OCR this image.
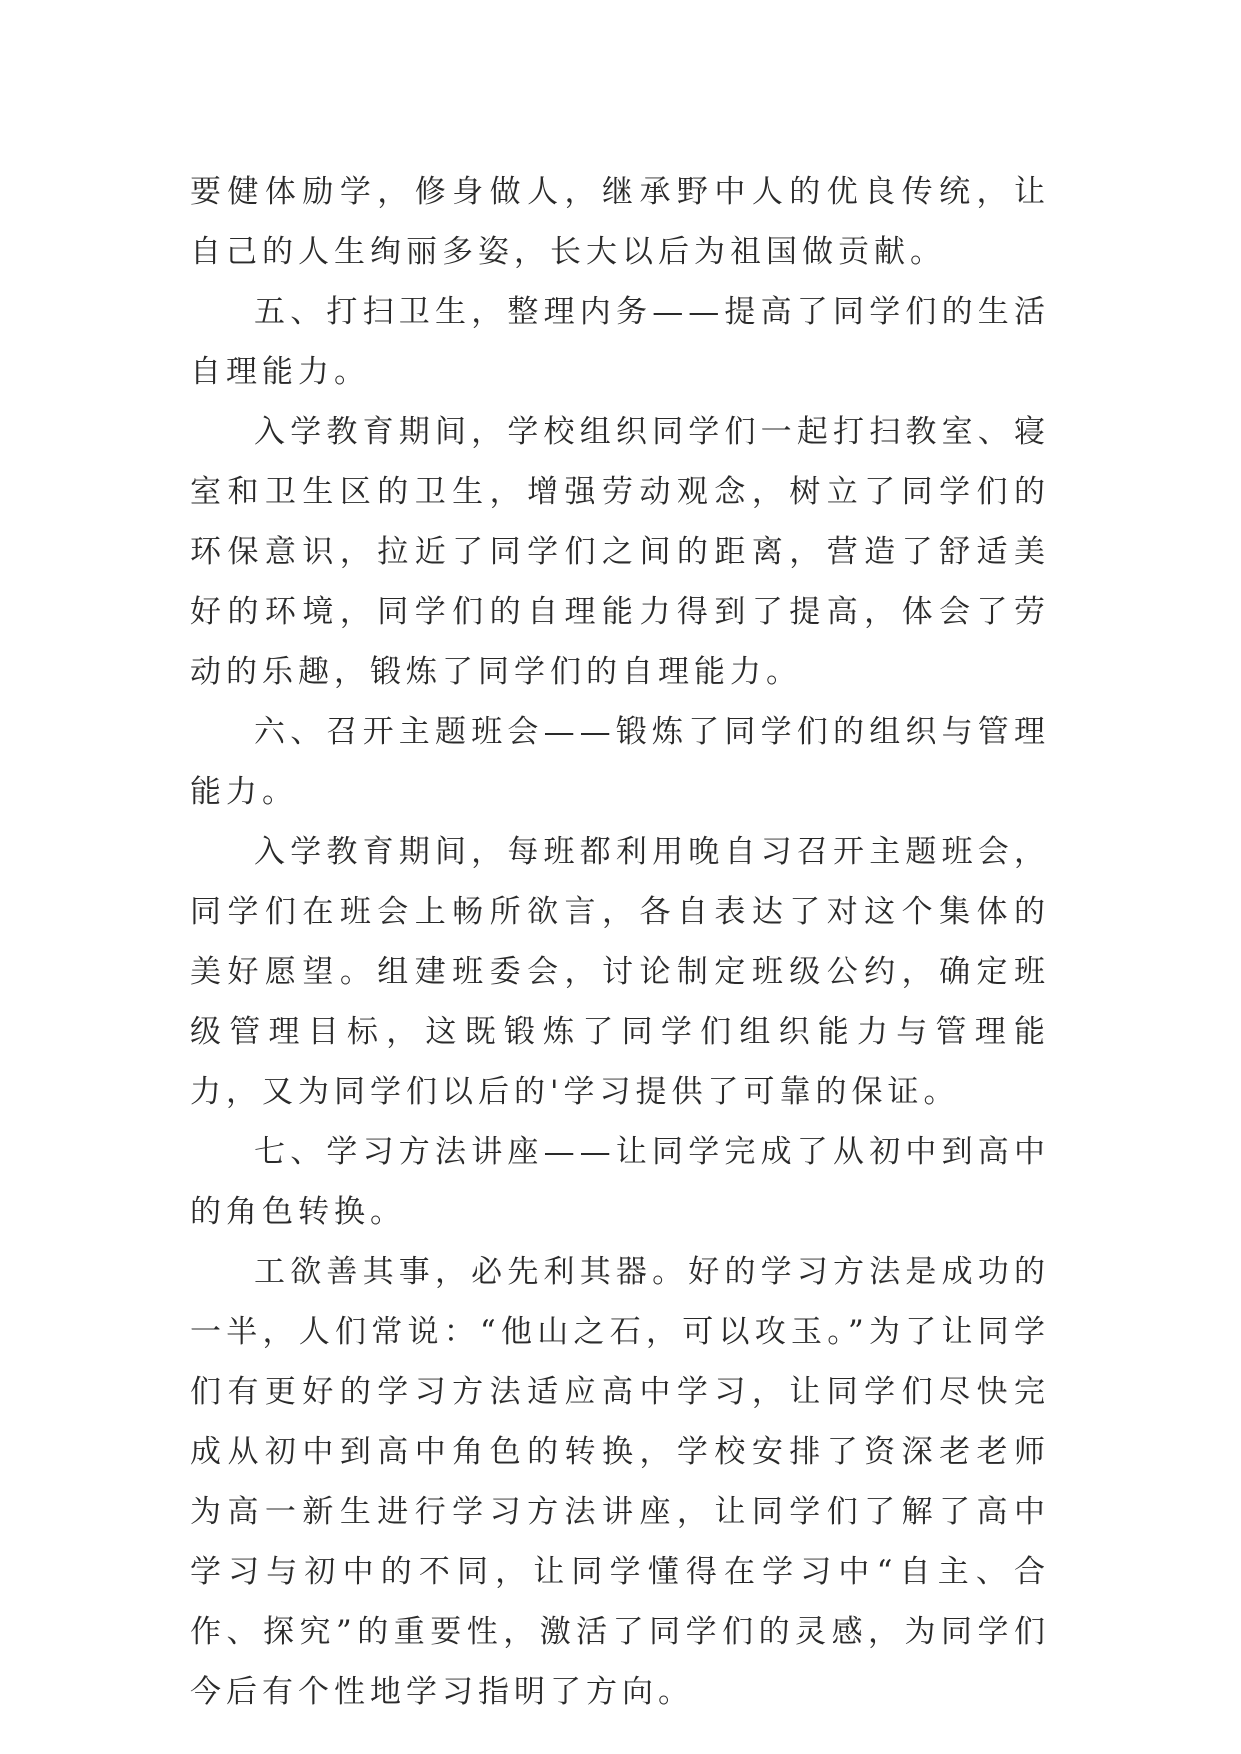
要健体励学，修身做人，继承野中人的优良传统，让自己的人生绚丽多姿，长大以后为祖国做贡献。

五、打扫卫生，整理内务——提高了同学们的生活自理能力。

入学教育期间，学校组织同学们一起打扫教室、寝室和卫生区的卫生，增强劳动观念，树立了同学们的环保意识，拉近了同学们之间的距离，营造了舒适美好的环境，同学们的自理能力得到了提高，体会了劳动的乐趣，锻炼了同学们的自理能力。

六、召开主题班会——锻炼了同学们的组织与管理能力。

入学教育期间，每班都利用晚自习召开主题班会，同学们在班会上畅所欲言，各自表达了对这个集体的美好愿望。组建班委会，讨论制定班级公约，确定班级管理目标，这既锻炼了同学们组织能力与管理能力，又为同学们以后的'学习提供了可靠的保证。

七、学习方法讲座——让同学完成了从初中到高中的角色转换。

工欲善其事，必先利其器。好的学习方法是成功的一半，人们常说：“他山之石，可以攻玉。”为了让同学们有更好的学习方法适应高中学习，让同学们尽快完成从初中到高中角色的转换，学校安排了资深老老师为高一新生进行学习方法讲座，让同学们了解了高中学习与初中的不同，让同学懂得在学习中“自主、合作、探究”的重要性，激活了同学们的灵感，为同学们今后有个性地学习指明了方向。
